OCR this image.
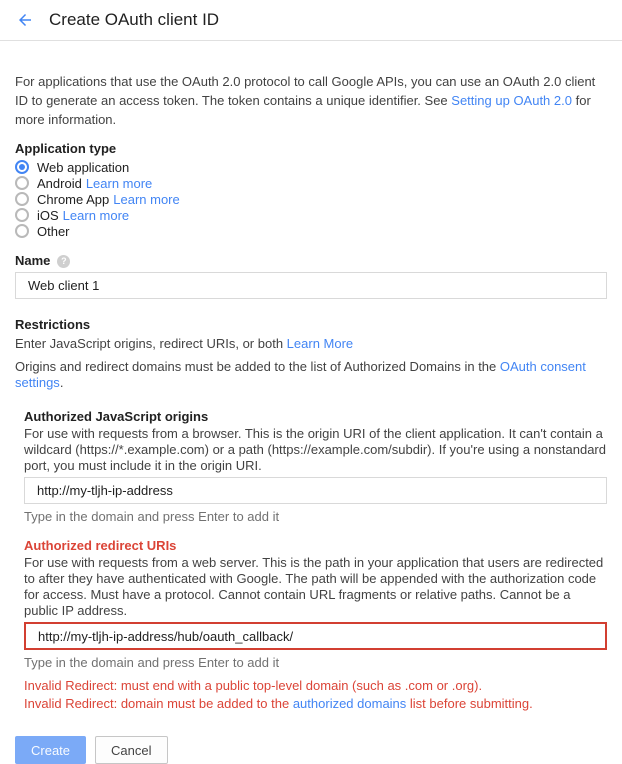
Create OAuth client ID
For applications that use the OAuth 2.0 protocol to call Google APIs, you can use an OAuth 2.0 client ID to generate an access token. The token contains a unique identifier. See Setting up OAuth 2.0 for more information.
Application type
Web application
Android Learn more
Chrome App Learn more
iOS Learn more
Other
Name	?
Web client 1
Restrictions
Enter JavaScript origins, redirect URIs, or both Learn More
Origins and redirect domains must be added to the list of Authorized Domains in the OAuth consent settings.
Authorized JavaScript origins
For use with requests from a browser. This is the origin URI of the client application. It can't contain a wildcard (https://*.example.com) or a path (https://example.com/subdir). If you're using a nonstandard port, you must include it in the origin URI.
http://my-tljh-ip-address
Type in the domain and press Enter to add it
Authorized redirect URIs
For use with requests from a web server. This is the path in your application that users are redirected to after they have authenticated with Google. The path will be appended with the authorization code for access. Must have a protocol. Cannot contain URL fragments or relative paths. Cannot be a public IP address.
http://my-tljh-ip-address/hub/oauth_callback/
Type in the domain and press Enter to add it
Invalid Redirect: must end with a public top-level domain (such as .com or .org).
Invalid Redirect: domain must be added to the authorized domains list before submitting.
Create	Cancel
